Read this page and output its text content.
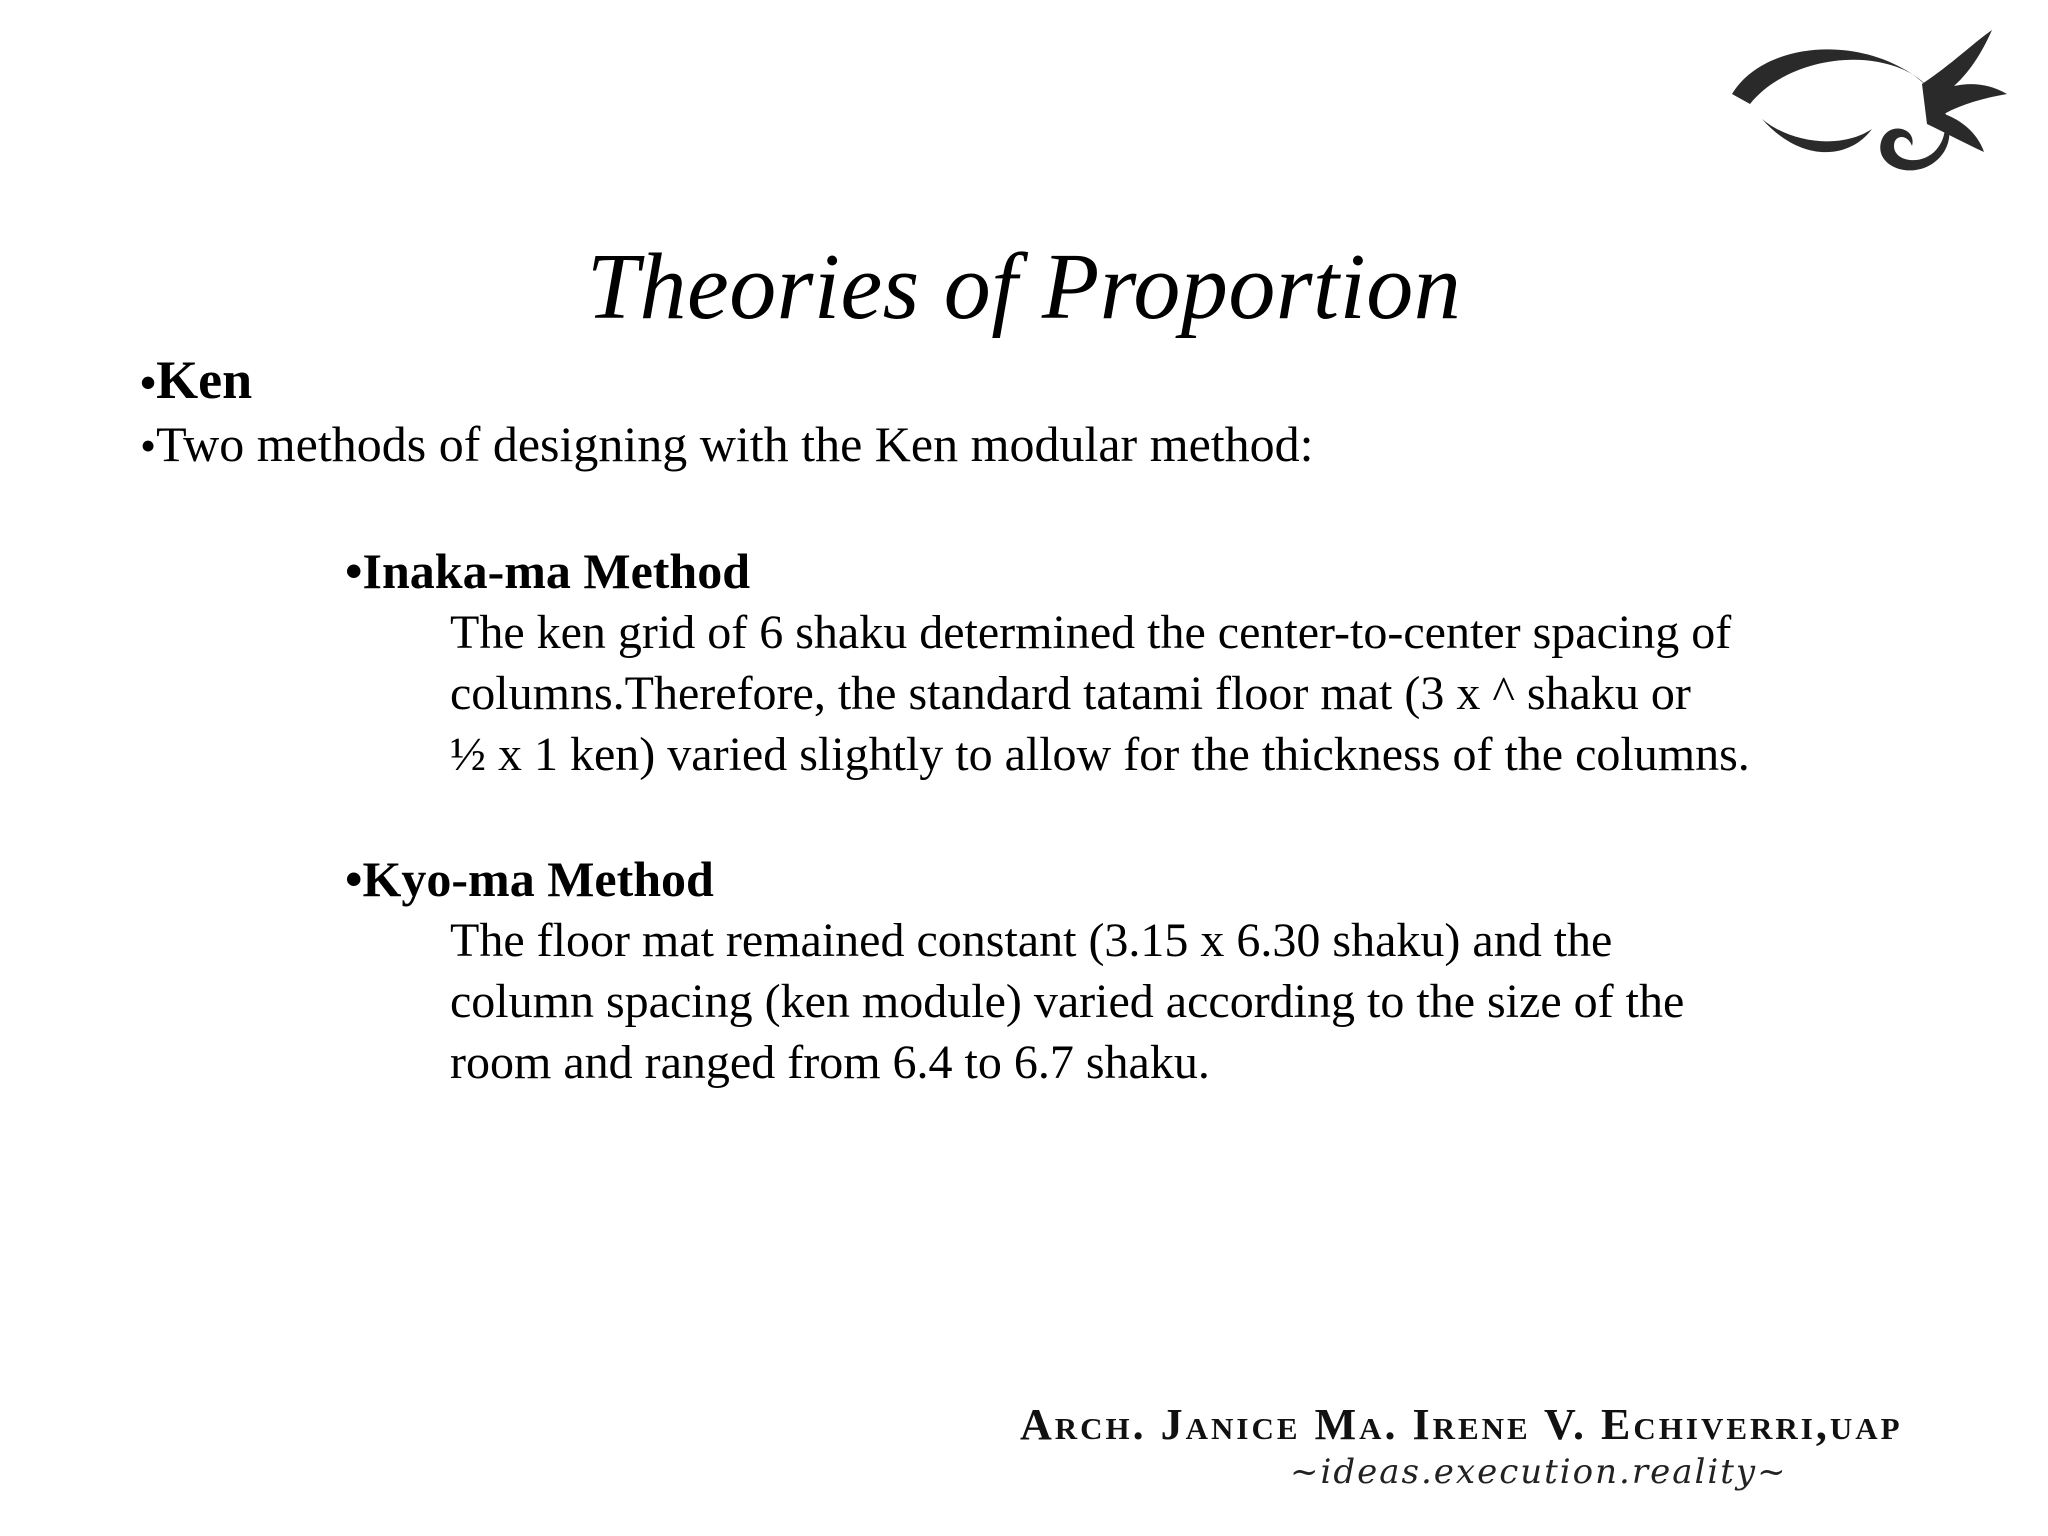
Theories of Proportion
•Ken
•Two methods of designing with the Ken modular method:
•Inaka-ma Method
The ken grid of 6 shaku determined the center-to-center spacing of
columns.Therefore, the standard tatami floor mat (3 x ^ shaku or
½ x 1 ken) varied slightly to allow for the thickness of the columns.
•Kyo-ma Method
The floor mat remained constant (3.15 x 6.30 shaku) and the
column spacing (ken module) varied according to the size of the
room and ranged from 6.4 to 6.7 shaku.
Arch. Janice Ma. Irene V. Echiverri,uap
~ideas.execution.reality~
